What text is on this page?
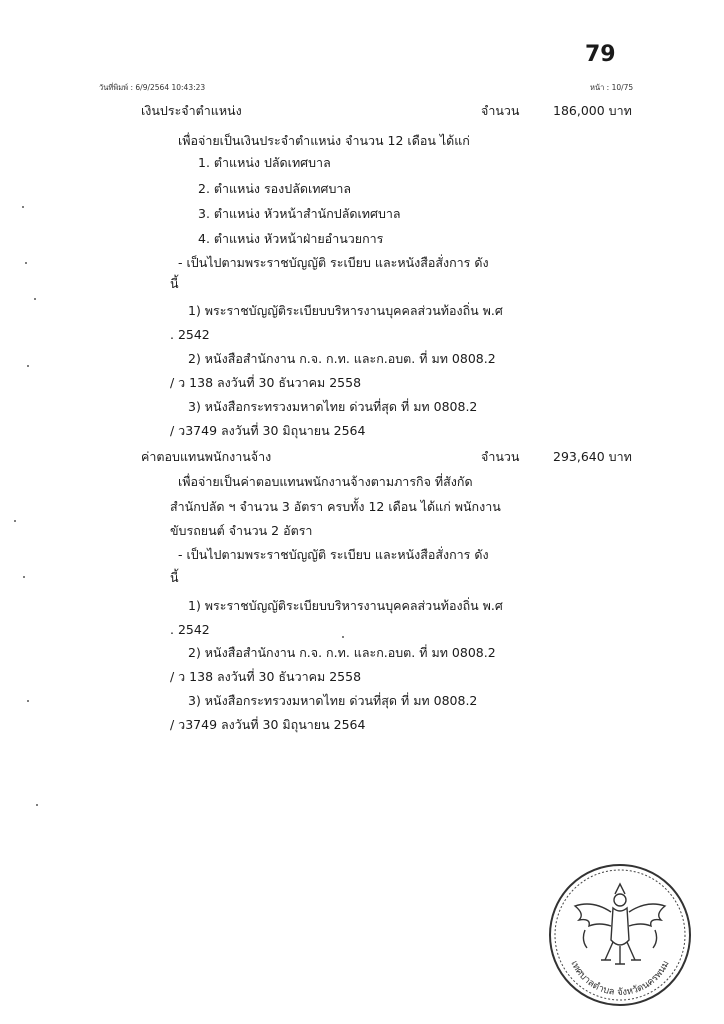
79
วันที่พิมพ์ : 6/9/2564 10:43:23	หน้า : 10/75
เงินประจำตำแหน่ง	จำนวน	186,000 บาท
เพื่อจ่ายเป็นเงินประจำตำแหน่ง จำนวน 12 เดือน ได้แก่
1. ตำแหน่ง ปลัดเทศบาล
2. ตำแหน่ง รองปลัดเทศบาล
3. ตำแหน่ง หัวหน้าสำนักปลัดเทศบาล
4. ตำแหน่ง หัวหน้าฝ่ายอำนวยการ
- เป็นไปตามพระราชบัญญัติ ระเบียบ และหนังสือสั่งการ ดัง
นี้
1) พระราชบัญญัติระเบียบบริหารงานบุคคลส่วนท้องถิ่น พ.ศ
. 2542
2) หนังสือสำนักงาน ก.จ. ก.ท. และก.อบต. ที่ มท 0808.2
/ ว 138 ลงวันที่ 30 ธันวาคม 2558
3) หนังสือกระทรวงมหาดไทย ด่วนที่สุด ที่ มท 0808.2
/ ว3749 ลงวันที่ 30 มิถุนายน 2564
ค่าตอบแทนพนักงานจ้าง	จำนวน	293,640 บาท
เพื่อจ่ายเป็นค่าตอบแทนพนักงานจ้างตามภารกิจ ที่สังกัด
สำนักปลัด ฯ จำนวน 3 อัตรา ครบทั้ง 12 เดือน ได้แก่ พนักงาน
ขับรถยนต์ จำนวน 2 อัตรา
- เป็นไปตามพระราชบัญญัติ ระเบียบ และหนังสือสั่งการ ดัง
นี้
1) พระราชบัญญัติระเบียบบริหารงานบุคคลส่วนท้องถิ่น พ.ศ
. 2542
2) หนังสือสำนักงาน ก.จ. ก.ท. และก.อบต. ที่ มท 0808.2
/ ว 138 ลงวันที่ 30 ธันวาคม 2558
3) หนังสือกระทรวงมหาดไทย ด่วนที่สุด ที่ มท 0808.2
/ ว3749 ลงวันที่ 30 มิถุนายน 2564
เทศบาลตำบล จังหวัดนครพนม
